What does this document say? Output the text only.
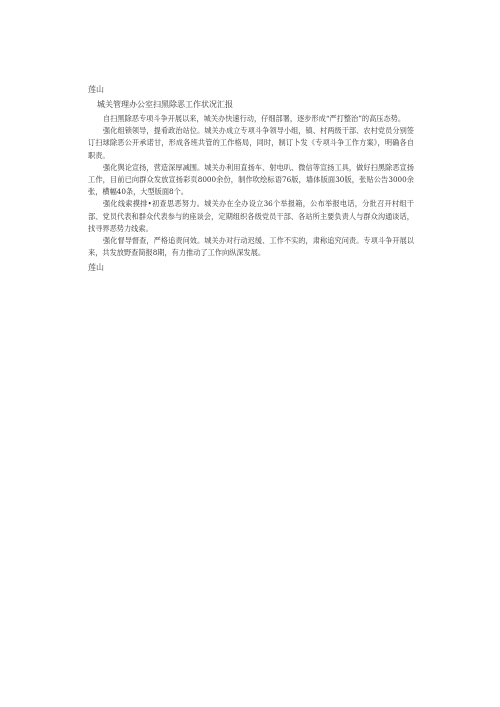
莲山
城关管理办公室扫黑除恶工作状况汇报

自扫黑除恶专项斗争开展以来，城关办快速行动，仔细部署，逐步形成“严打整治”的高压态势。

强化组锁领导，提肴政治站位。城关办成立专项斗争领导小组，镇、村两级干部、农村党员分别签订扫球除恶公开承诺甘，形成各班共管的工作格局，同时，制订卜发《专项斗争工作方案》，明确各自职责。

强化舆论宣扬，营造深厚减围。城关办利用直扬车、射电叭、微信等宣扬工具，做好扫黑除恶宣扬工作，目前已向群众发放宣扬彩页8000余份，制作吹绘标语76版，墙体版面30版，张贴公告3000余张，横幅40条，大型版面8个。

强化线索摸排•初查思恶努力。城关办在全办设立36个举报箱，公布举报电话，分批召开村组干部、党员代表和群众代表参与的座谈会，定期组织各级党员干部、各站所主要负责人与群众沟通谈话，找寻界恶势力线索。

强化督导督查，严格追责问效。城关办对行动迟缓、工作不实的，肃称追究问责。专项斗争开展以来，共发放野查简报8期，有力推动了工作向纵深发展。

莲山
